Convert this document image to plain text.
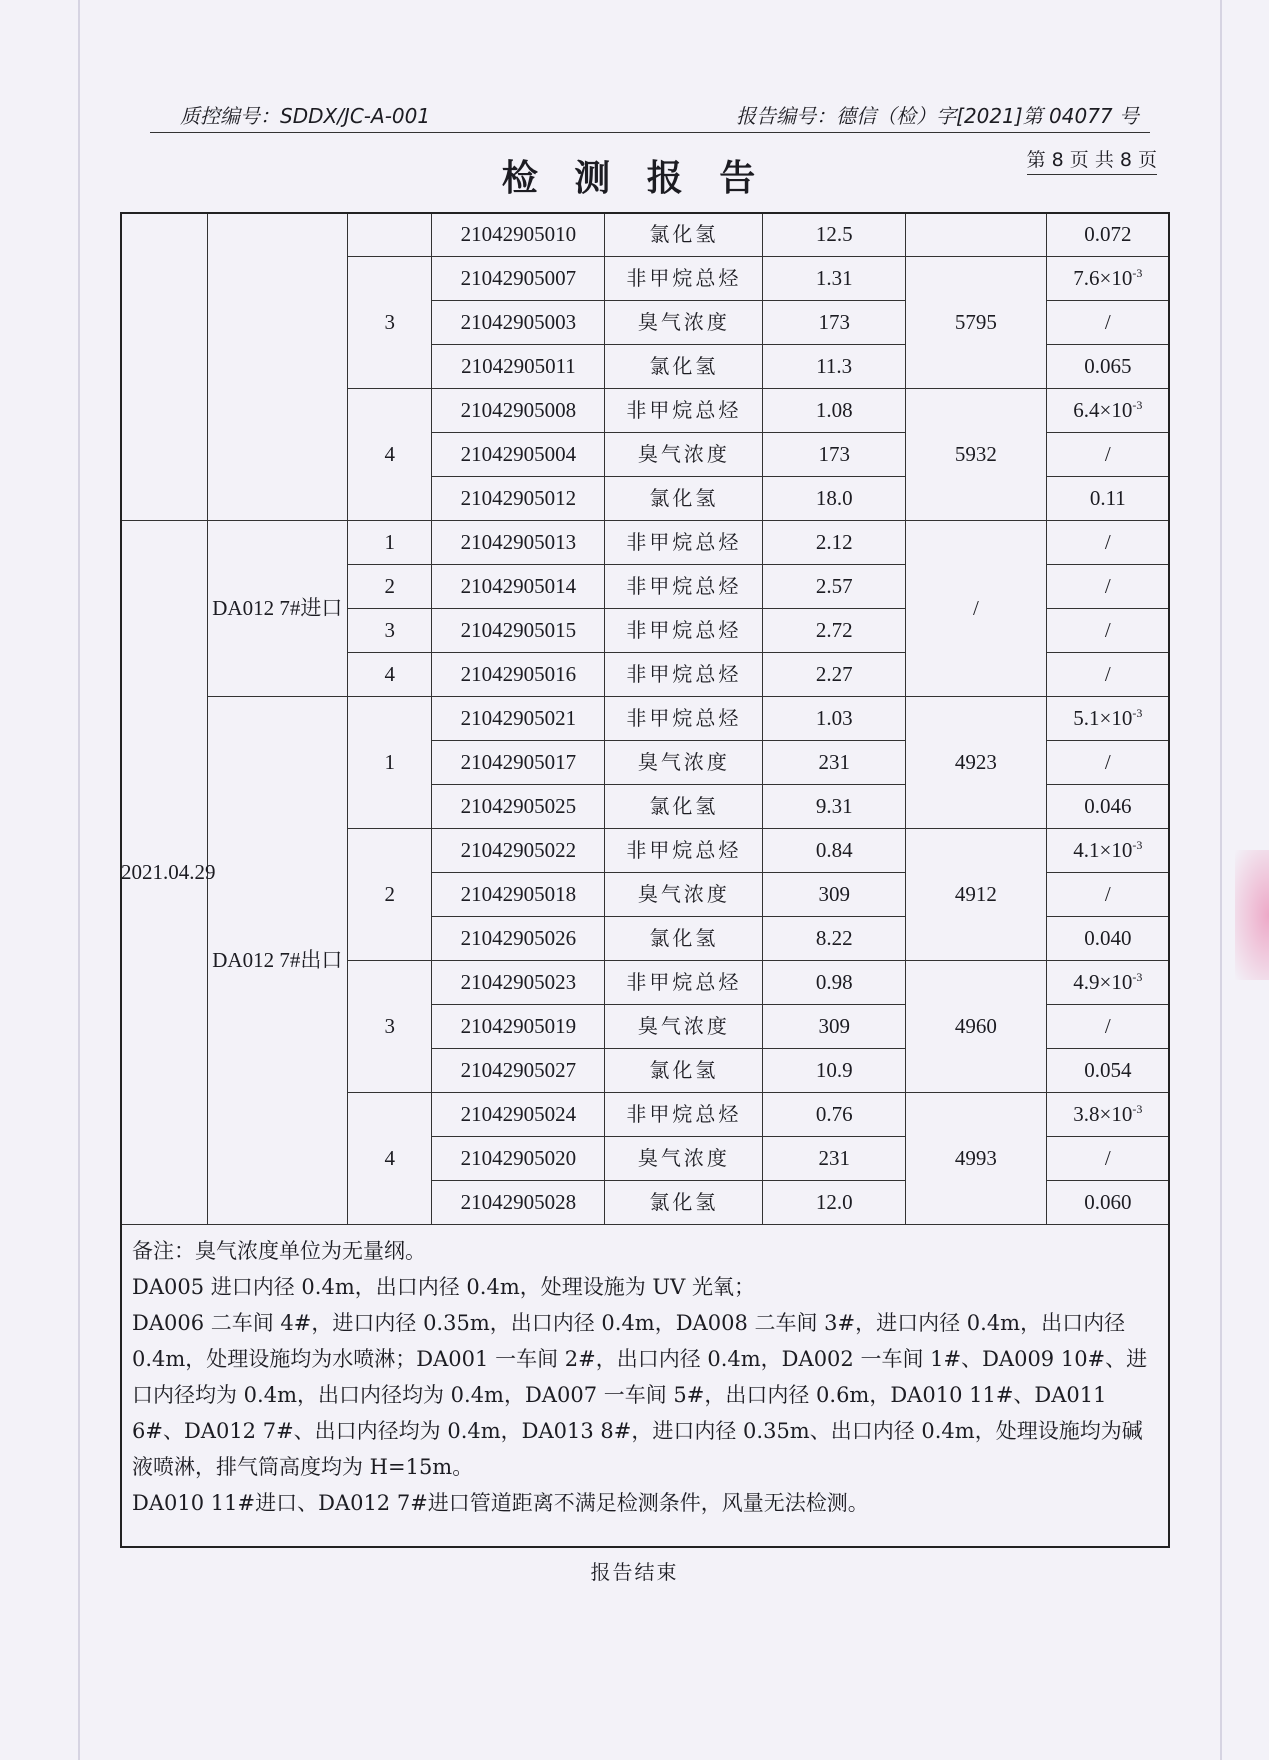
质控编号：SDDX/JC-A-001	报告编号：德信（检）字[2021]第 04077 号
检 测 报 告	第 8 页 共 8 页
			21042905010	氯化氢	12.5		0.072
		3	21042905007	非甲烷总烃	1.31	5795	$7.6\times 10^{-3}$
			21042905003	臭气浓度	173		/
			21042905011	氯化氢	11.3		0.065
		4	21042905008	非甲烷总烃	1.08	5932	$6.4\times 10^{-3}$
			21042905004	臭气浓度	173		/
			21042905012	氯化氢	18.0		0.11
2021.04.29	DA012 7#进口	1	21042905013	非甲烷总烃	2.12	/	/
		2	21042905014	非甲烷总烃	2.57		/
		3	21042905015	非甲烷总烃	2.72		/
		4	21042905016	非甲烷总烃	2.27		/
	DA012 7#出口	1	21042905021	非甲烷总烃	1.03	4923	$5.1\times 10^{-3}$
			21042905017	臭气浓度	231		/
			21042905025	氯化氢	9.31		0.046
		2	21042905022	非甲烷总烃	0.84	4912	$4.1\times 10^{-3}$
			21042905018	臭气浓度	309		/
			21042905026	氯化氢	8.22		0.040
		3	21042905023	非甲烷总烃	0.98	4960	$4.9\times 10^{-3}$
			21042905019	臭气浓度	309		/
			21042905027	氯化氢	10.9		0.054
		4	21042905024	非甲烷总烃	0.76	4993	$3.8\times 10^{-3}$
			21042905020	臭气浓度	231		/
			21042905028	氯化氢	12.0		0.060
备注：臭气浓度单位为无量纲。
DA005 进口内径 0.4m，出口内径 0.4m，处理设施为 UV 光氧；
DA006 二车间 4#，进口内径 0.35m，出口内径 0.4m，DA008 二车间 3#，进口内径 0.4m，出口内径 0.4m，处理设施均为水喷淋；DA001 一车间 2#，出口内径 0.4m，DA002 一车间 1#、DA009 10#、进口内径均为 0.4m，出口内径均为 0.4m，DA007 一车间 5#，出口内径 0.6m，DA010 11#、DA011 6#、DA012 7#、出口内径均为 0.4m，DA013 8#，进口内径 0.35m、出口内径 0.4m，处理设施均为碱液喷淋，排气筒高度均为 H=15m。
DA010 11#进口、DA012 7#进口管道距离不满足检测条件，风量无法检测。
报告结束
